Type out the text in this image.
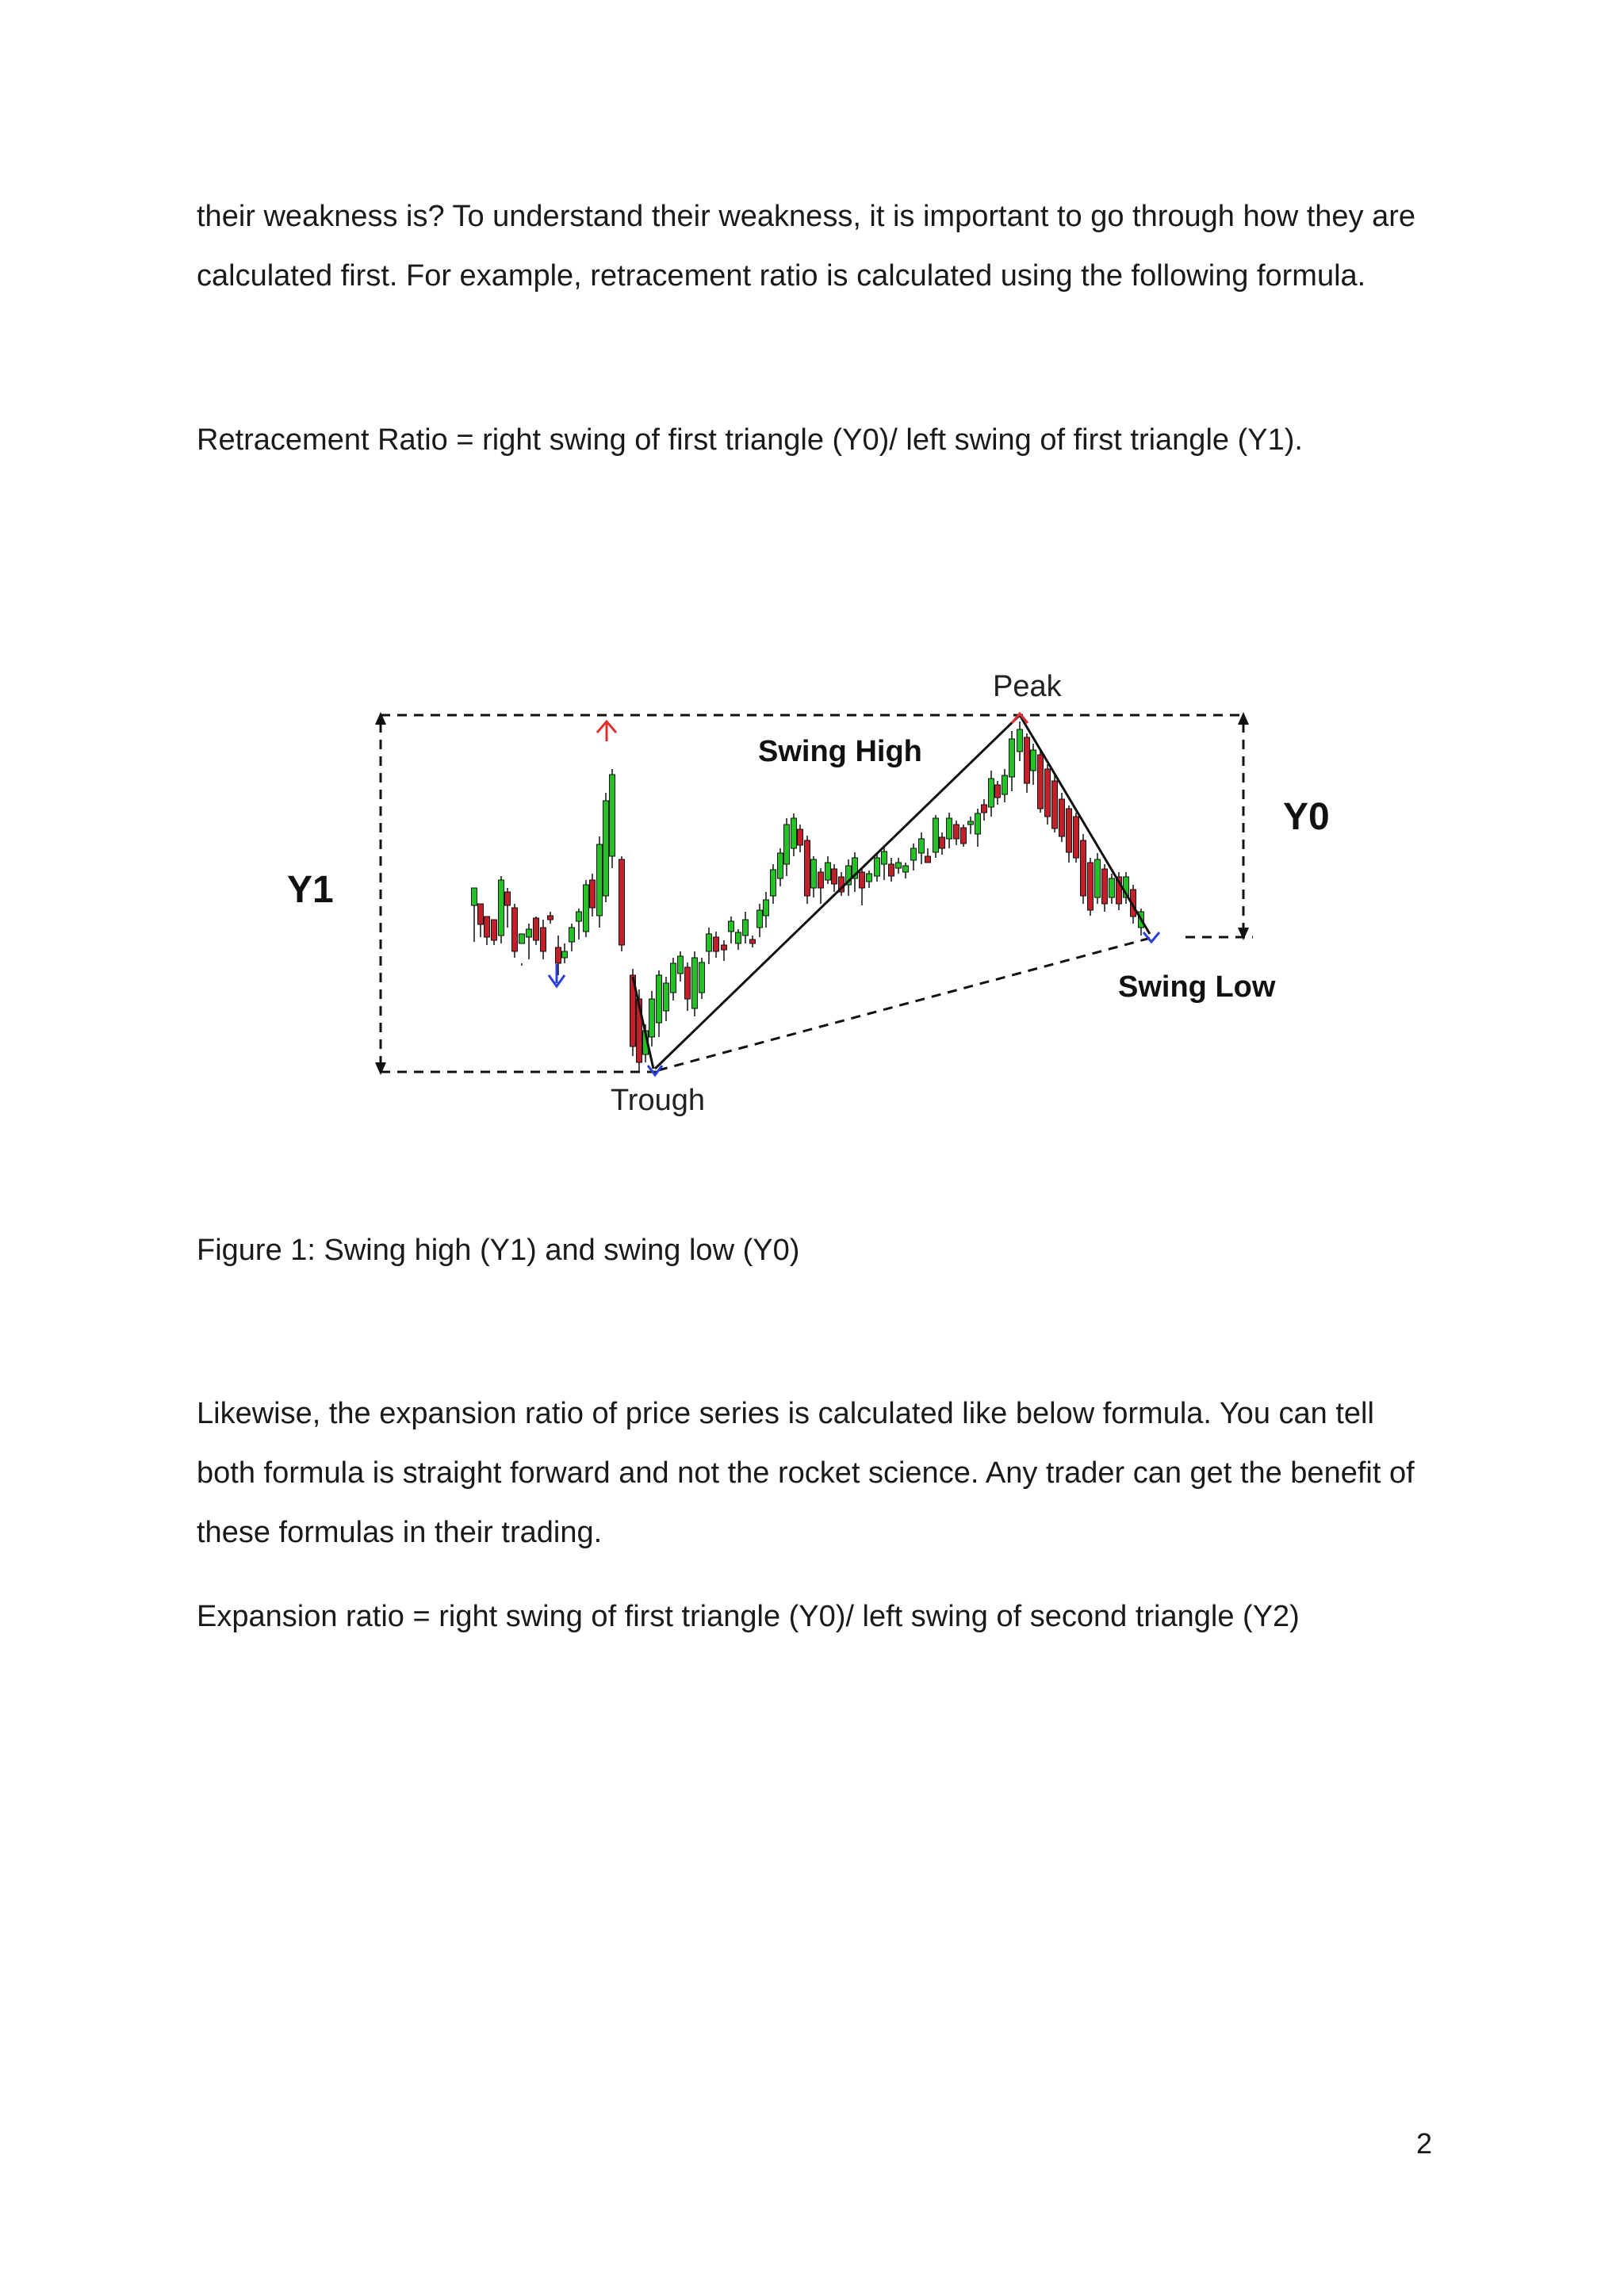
their weakness is? To understand their weakness, it is important to go through how they are calculated first. For example, retracement ratio is calculated using the following formula.

Retracement Ratio = right swing of first triangle (Y0)/ left swing of first triangle (Y1).

Peak
Swing High
Y0
Y1
Swing Low
Trough

Figure 1: Swing high (Y1) and swing low (Y0)

Likewise, the expansion ratio of price series is calculated like below formula. You can tell both formula is straight forward and not the rocket science. Any trader can get the benefit of these formulas in their trading.

Expansion ratio = right swing of first triangle (Y0)/ left swing of second triangle (Y2)

2
